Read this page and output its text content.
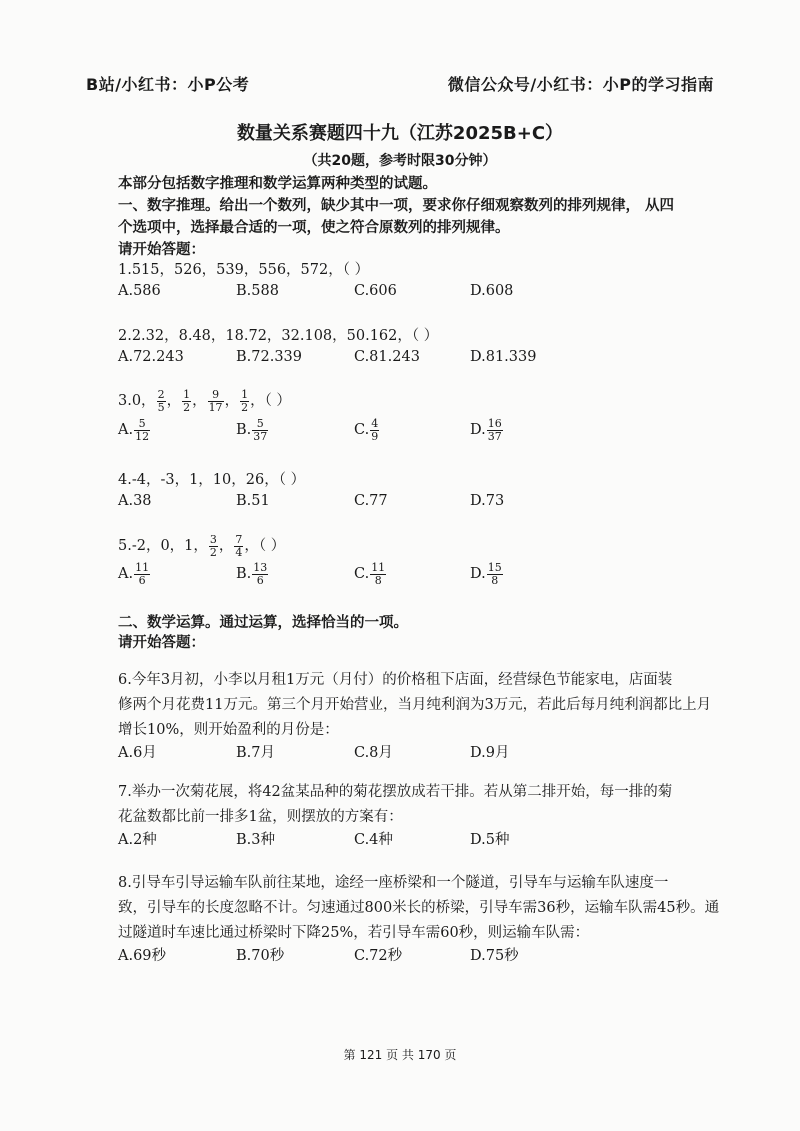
B站/小红书：小P公考	微信公众号/小红书：小P的学习指南
数量关系赛题四十九（江苏2025B+C）
（共20题，参考时限30分钟）
本部分包括数字推理和数学运算两种类型的试题。
一、数字推理。给出一个数列，缺少其中一项，要求你仔细观察数列的排列规律， 从四
个选项中，选择最合适的一项，使之符合原数列的排列规律。
请开始答题：
1.515，526，539，556，572，（ ）
A.586	B.588	C.606	D.608
2.2.32，8.48，18.72，32.108，50.162，（ ）
A.72.243	B.72.339	C.81.243	D.81.339
3.0， $\frac{2}{5}$ ， $\frac{1}{2}$ ， $\frac{9}{17}$ ， $\frac{1}{2}$ ，（ ）
A. $\frac{5}{12}$	B. $\frac{5}{37}$	C. $\frac{4}{9}$	D. $\frac{16}{37}$
4.-4，-3，1，10，26，（ ）
A.38	B.51	C.77	D.73
5.-2，0，1， $\frac{3}{2}$ ， $\frac{7}{4}$ ，（ ）
A. $\frac{11}{6}$	B. $\frac{13}{6}$	C. $\frac{11}{8}$	D. $\frac{15}{8}$
二、数学运算。通过运算，选择恰当的一项。
请开始答题：
6.今年3月初，小李以月租1万元（月付）的价格租下店面，经营绿色节能家电，店面装
修两个月花费11万元。第三个月开始营业，当月纯利润为3万元，若此后每月纯利润都比上月
增长10%，则开始盈利的月份是：
A.6月	B.7月	C.8月	D.9月
7.举办一次菊花展，将42盆某品种的菊花摆放成若干排。若从第二排开始，每一排的菊
花盆数都比前一排多1盆，则摆放的方案有：
A.2种	B.3种	C.4种	D.5种
8.引导车引导运输车队前往某地，途经一座桥梁和一个隧道，引导车与运输车队速度一
致，引导车的长度忽略不计。匀速通过800米长的桥梁，引导车需36秒，运输车队需45秒。通
过隧道时车速比通过桥梁时下降25%，若引导车需60秒，则运输车队需：
A.69秒	B.70秒	C.72秒	D.75秒
第 121 页 共 170 页
